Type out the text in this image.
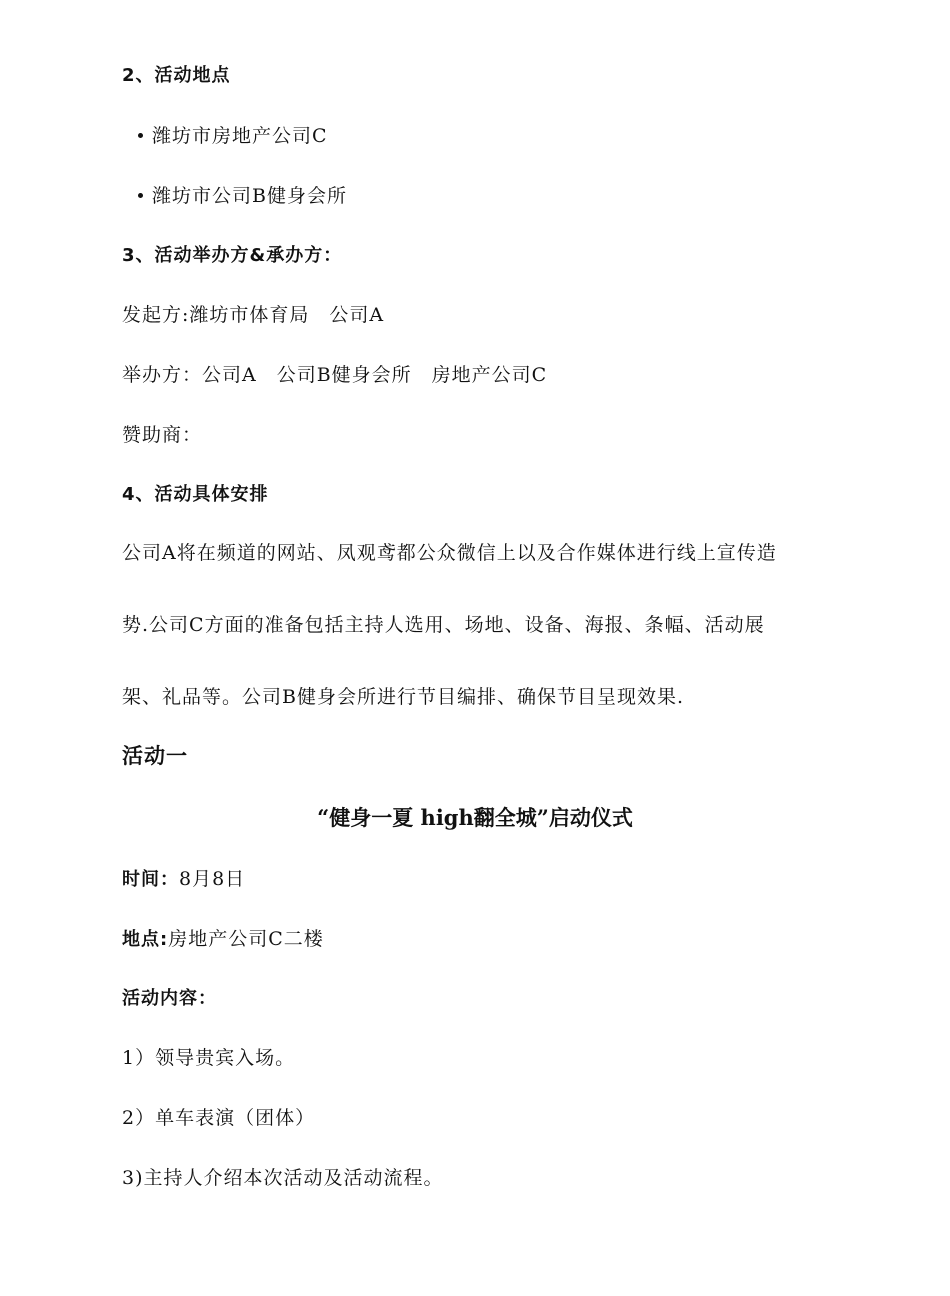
2、活动地点
潍坊市房地产公司C
潍坊市公司B健身会所
3、活动举办方&承办方：
发起方:潍坊市体育局　公司A
举办方：公司A　公司B健身会所　房地产公司C
赞助商：
4、活动具体安排
公司A将在频道的网站、凤观鸢都公众微信上以及合作媒体进行线上宣传造
势.公司C方面的准备包括主持人选用、场地、设备、海报、条幅、活动展
架、礼品等。公司B健身会所进行节目编排、确保节目呈现效果.
活动一
“健身一夏 high翻全城”启动仪式
时间：8月8日
地点:房地产公司C二楼
活动内容：
1）领导贵宾入场。
2）单车表演（团体）
3)主持人介绍本次活动及活动流程。
